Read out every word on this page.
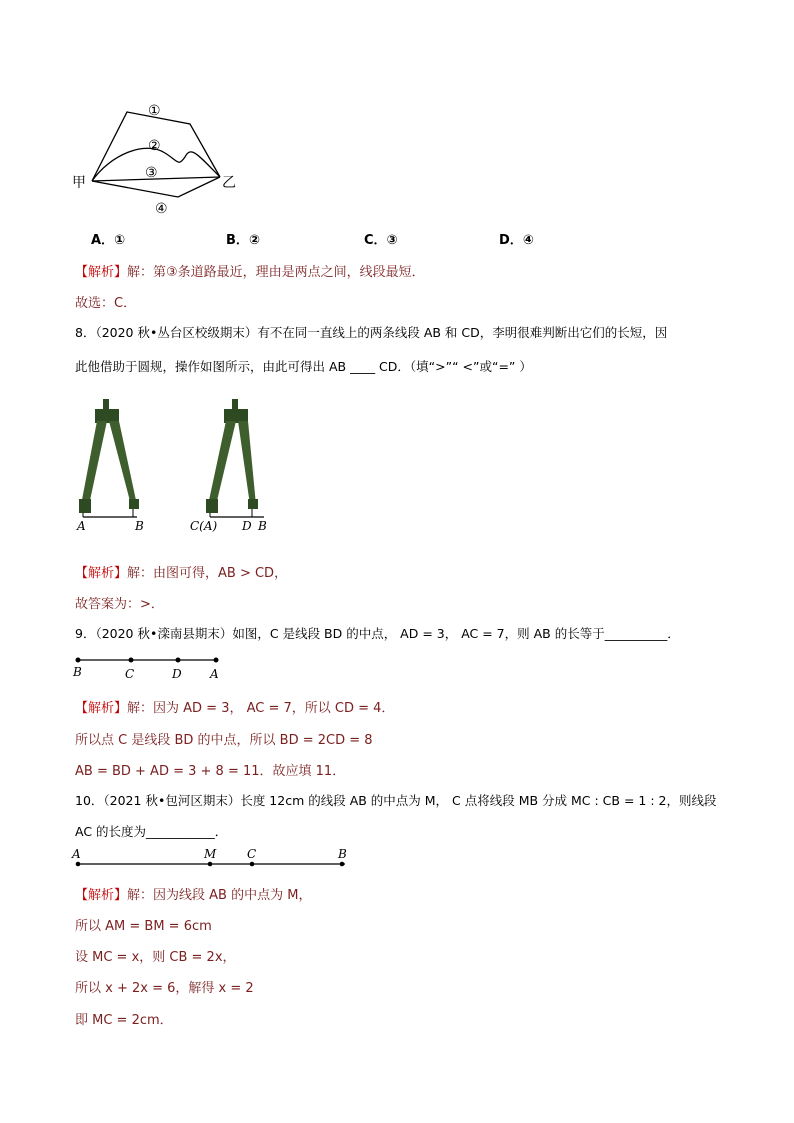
①
②
③
④
甲	乙
A．①	B．②	C．③	D．④
【解析】解：第③条道路最近，理由是两点之间，线段最短．
故选：C．
8．（2020 秋•丛台区校级期末）有不在同一直线上的两条线段 AB 和 CD，李明很难判断出它们的长短，因
此他借助于圆规，操作如图所示，由此可得出 AB ____ CD．（填“>”“ <”或“=” ）
A	B	C(A) D B
【解析】解：由图可得，AB > CD，
故答案为：>．
9．（2020 秋•滦南县期末）如图，C 是线段 BD 的中点， AD = 3， AC = 7，则 AB 的长等于__________．
B	C	D A
【解析】解：因为 AD = 3， AC = 7，所以 CD = 4．
所以点 C 是线段 BD 的中点，所以 BD = 2CD = 8
AB = BD + AD = 3 + 8 = 11．故应填 11．
10．（2021 秋•包河区期末）长度 12cm 的线段 AB 的中点为 M， C 点将线段 MB 分成 MC : CB = 1 : 2，则线段
AC 的长度为___________．
A	M	C	B
【解析】解：因为线段 AB 的中点为 M，
所以 AM = BM = 6cm
设 MC = x，则 CB = 2x，
所以 x + 2x = 6，解得 x = 2
即 MC = 2cm．
